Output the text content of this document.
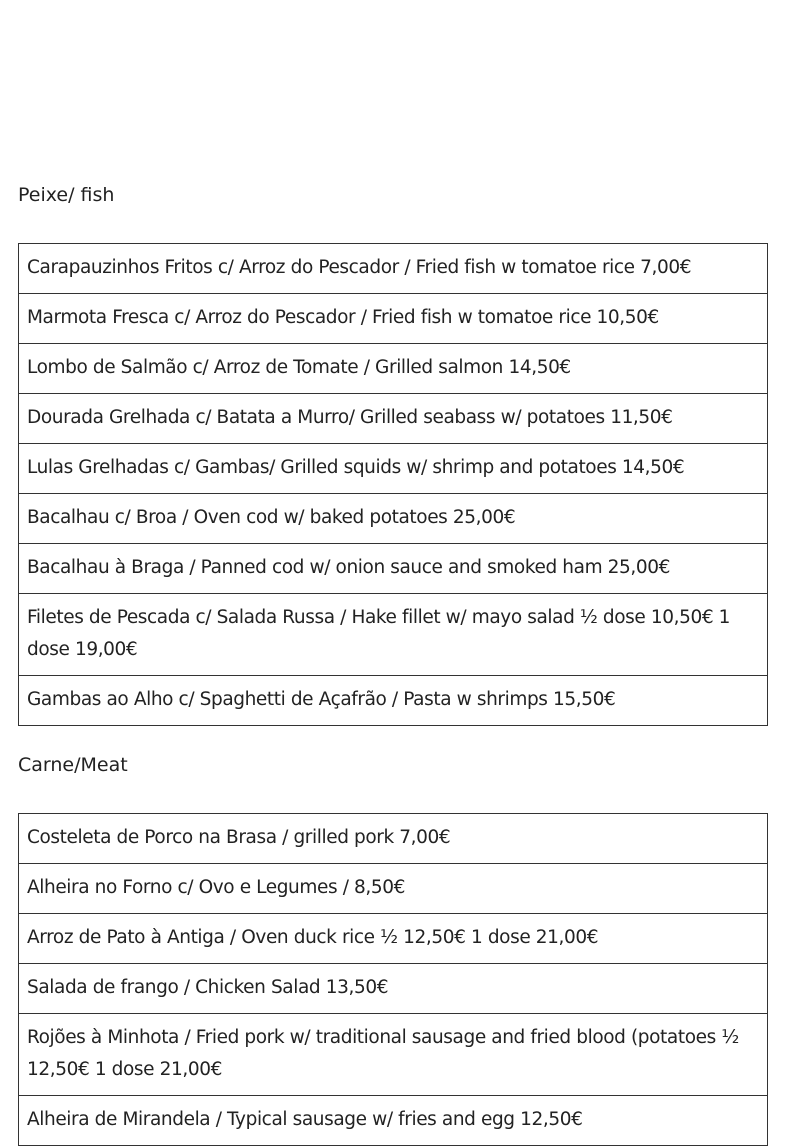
Peixe/ fish
Carapauzinhos Fritos c/ Arroz do Pescador / Fried fish w tomatoe rice 7,00€
Marmota Fresca c/ Arroz do Pescador / Fried fish w tomatoe rice 10,50€
Lombo de Salmão c/ Arroz de Tomate / Grilled salmon 14,50€
Dourada Grelhada c/ Batata a Murro/ Grilled seabass w/ potatoes 11,50€
Lulas Grelhadas c/ Gambas/ Grilled squids w/ shrimp and potatoes 14,50€
Bacalhau c/ Broa / Oven cod w/ baked potatoes 25,00€
Bacalhau à Braga / Panned cod w/ onion sauce and smoked ham 25,00€
Filetes de Pescada c/ Salada Russa / Hake fillet w/ mayo salad ½ dose 10,50€ 1 dose 19,00€
Gambas ao Alho c/ Spaghetti de Açafrão / Pasta w shrimps 15,50€
Carne/Meat
Costeleta de Porco na Brasa / grilled pork 7,00€
Alheira no Forno c/ Ovo e Legumes / 8,50€
Arroz de Pato à Antiga / Oven duck rice ½ 12,50€ 1 dose 21,00€
Salada de frango / Chicken Salad 13,50€
Rojões à Minhota / Fried pork w/ traditional sausage and fried blood (potatoes ½ 12,50€ 1 dose 21,00€
Alheira de Mirandela / Typical sausage w/ fries and egg 12,50€
